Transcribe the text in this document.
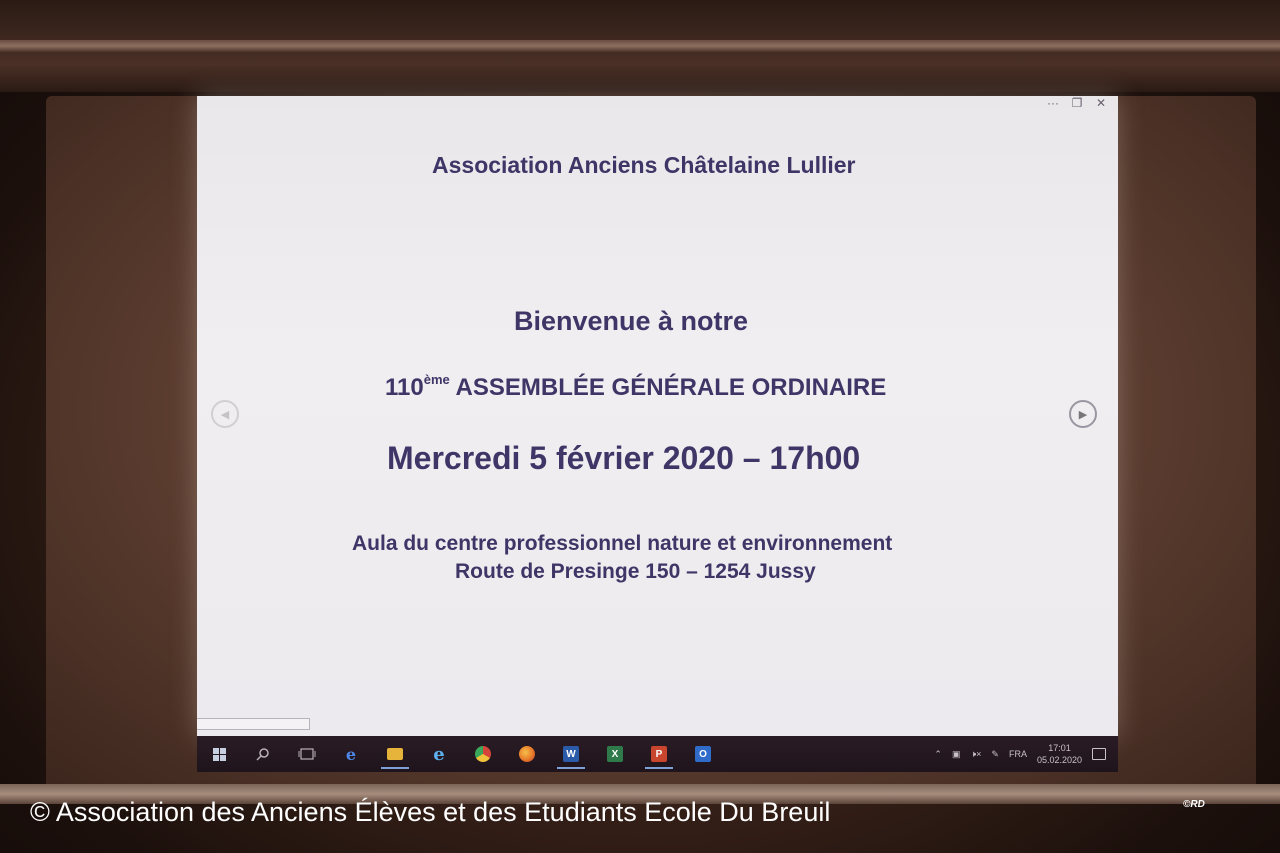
··· ❐ ✕
Association Anciens Châtelaine Lullier
Bienvenue à notre
110ème ASSEMBLÉE GÉNÉRALE ORDINAIRE
Mercredi 5 février 2020 – 17h00
Aula du centre professionnel nature et environnement
Route de Presinge 150 – 1254 Jussy
◀	▶
e	e	W	X	P	O	⌃ ▣ 🕨× ✎ FRA
17:01
05.02.2020
© Association des Anciens Élèves et des Etudiants Ecole Du Breuil	©RD
